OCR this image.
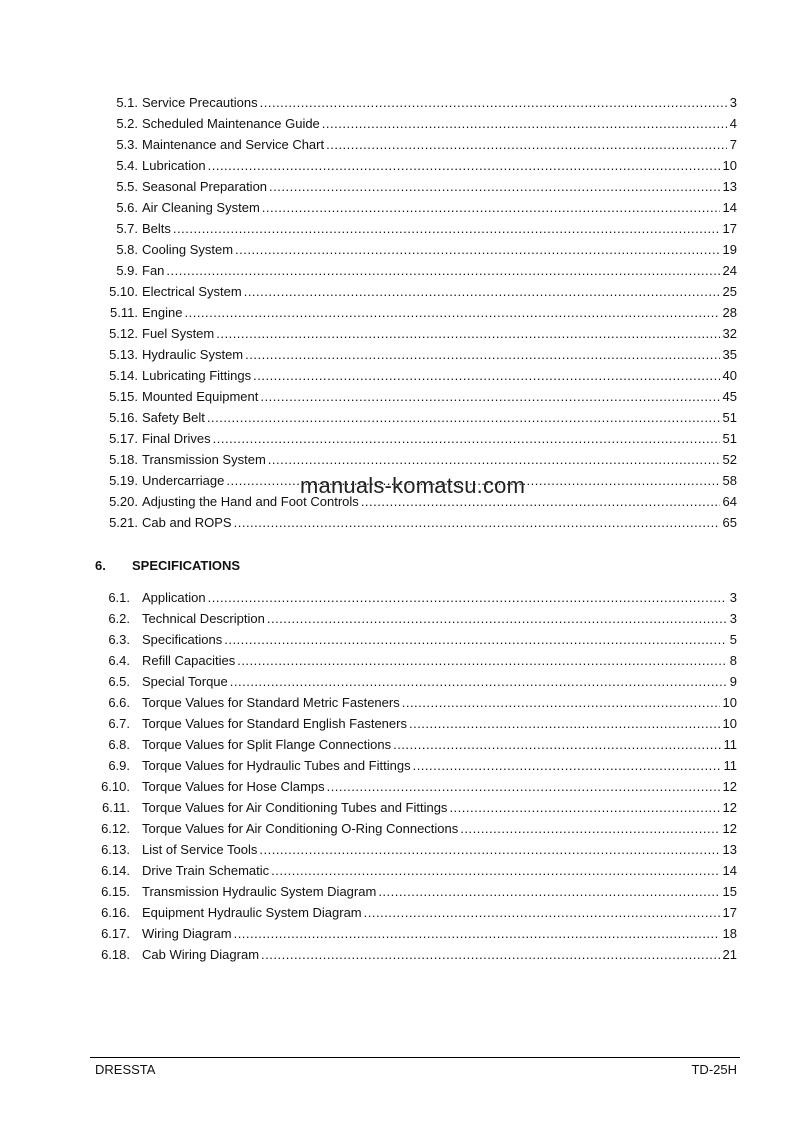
5.1. Service Precautions .....	3
5.2. Scheduled Maintenance Guide .....	4
5.3. Maintenance and Service Chart .....	7
5.4. Lubrication .....	10
5.5. Seasonal Preparation .....	13
5.6. Air Cleaning System .....	14
5.7. Belts .....	17
5.8. Cooling System .....	19
5.9. Fan .....	24
5.10. Electrical System .....	25
5.11. Engine .....	28
5.12. Fuel System .....	32
5.13. Hydraulic System .....	35
5.14. Lubricating Fittings .....	40
5.15. Mounted Equipment .....	45
5.16. Safety Belt .....	51
5.17. Final Drives .....	51
5.18. Transmission System .....	52
5.19. Undercarriage .....	58
5.20. Adjusting the Hand and Foot Controls .....	64
5.21. Cab and ROPS .....	65
6. SPECIFICATIONS
6.1. Application .....	3
6.2. Technical Description .....	3
6.3. Specifications .....	5
6.4. Refill Capacities .....	8
6.5. Special Torque .....	9
6.6. Torque Values for Standard Metric Fasteners .....	10
6.7. Torque Values for Standard English Fasteners .....	10
6.8. Torque Values for Split Flange Connections .....	11
6.9. Torque Values for Hydraulic Tubes and Fittings .....	11
6.10. Torque Values for Hose Clamps .....	12
6.11. Torque Values for Air Conditioning Tubes and Fittings .....	12
6.12. Torque Values for Air Conditioning O-Ring Connections .....	12
6.13. List of Service Tools .....	13
6.14. Drive Train Schematic .....	14
6.15. Transmission Hydraulic System Diagram .....	15
6.16. Equipment Hydraulic System Diagram .....	17
6.17. Wiring Diagram .....	18
6.18. Cab Wiring Diagram .....	21
manuals-komatsu.com
DRESSTA	TD-25H
